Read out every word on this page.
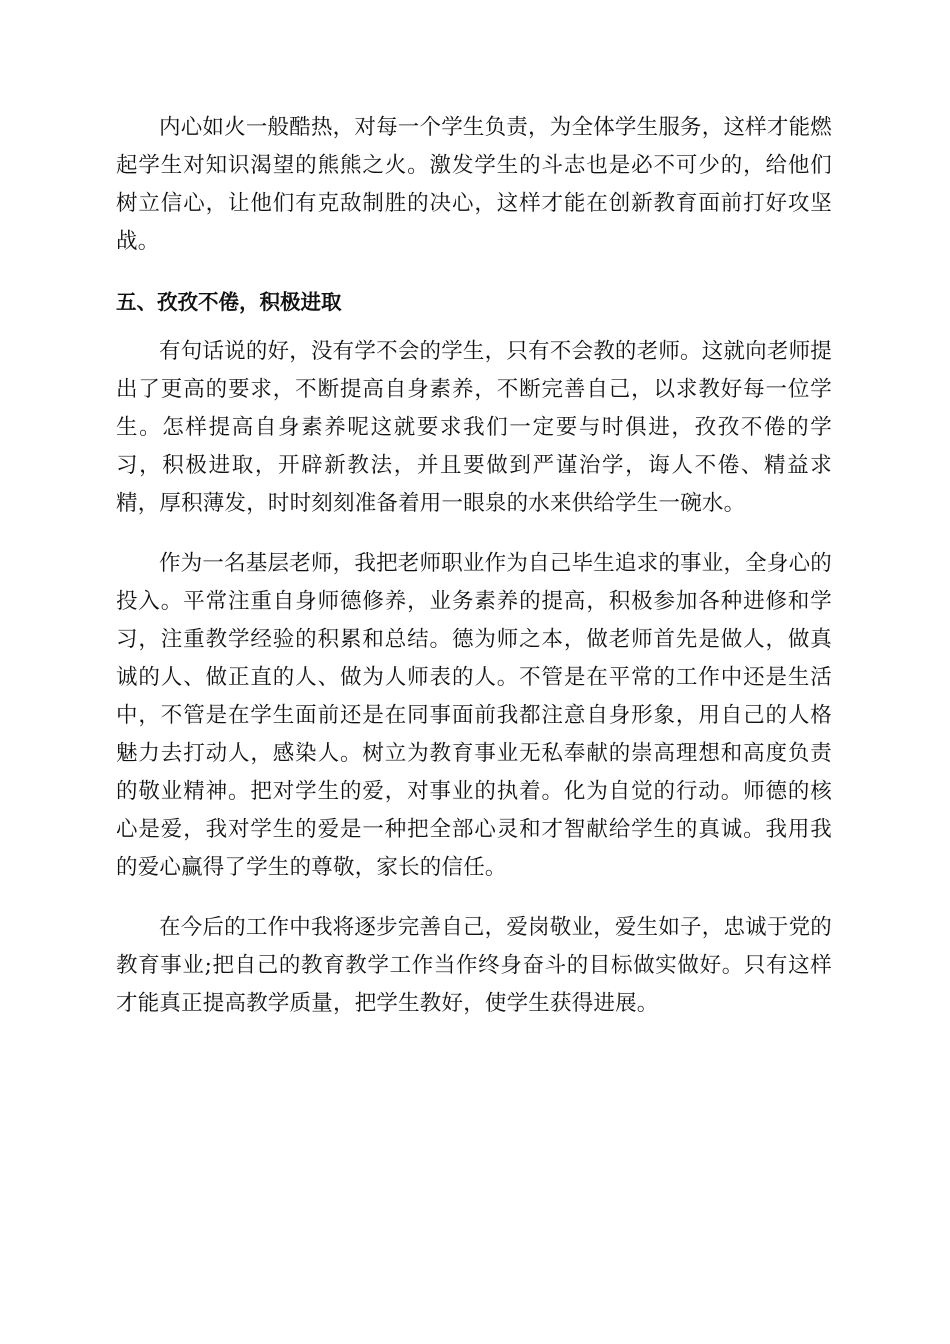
内心如火一般酷热，对每一个学生负责，为全体学生服务，这样才能燃起学生对知识渴望的熊熊之火。激发学生的斗志也是必不可少的，给他们树立信心，让他们有克敌制胜的决心，这样才能在创新教育面前打好攻坚战。

五、孜孜不倦，积极进取

有句话说的好，没有学不会的学生，只有不会教的老师。这就向老师提出了更高的要求，不断提高自身素养，不断完善自己，以求教好每一位学生。怎样提高自身素养呢这就要求我们一定要与时俱进，孜孜不倦的学习，积极进取，开辟新教法，并且要做到严谨治学，诲人不倦、精益求精，厚积薄发，时时刻刻准备着用一眼泉的水来供给学生一碗水。

作为一名基层老师，我把老师职业作为自己毕生追求的事业，全身心的投入。平常注重自身师德修养，业务素养的提高，积极参加各种进修和学习，注重教学经验的积累和总结。德为师之本，做老师首先是做人，做真诚的人、做正直的人、做为人师表的人。不管是在平常的工作中还是生活中，不管是在学生面前还是在同事面前我都注意自身形象，用自己的人格魅力去打动人，感染人。树立为教育事业无私奉献的崇高理想和高度负责的敬业精神。把对学生的爱，对事业的执着。化为自觉的行动。师德的核心是爱，我对学生的爱是一种把全部心灵和才智献给学生的真诚。我用我的爱心赢得了学生的尊敬，家长的信任。

在今后的工作中我将逐步完善自己，爱岗敬业，爱生如子，忠诚于党的教育事业;把自己的教育教学工作当作终身奋斗的目标做实做好。只有这样才能真正提高教学质量，把学生教好，使学生获得进展。
